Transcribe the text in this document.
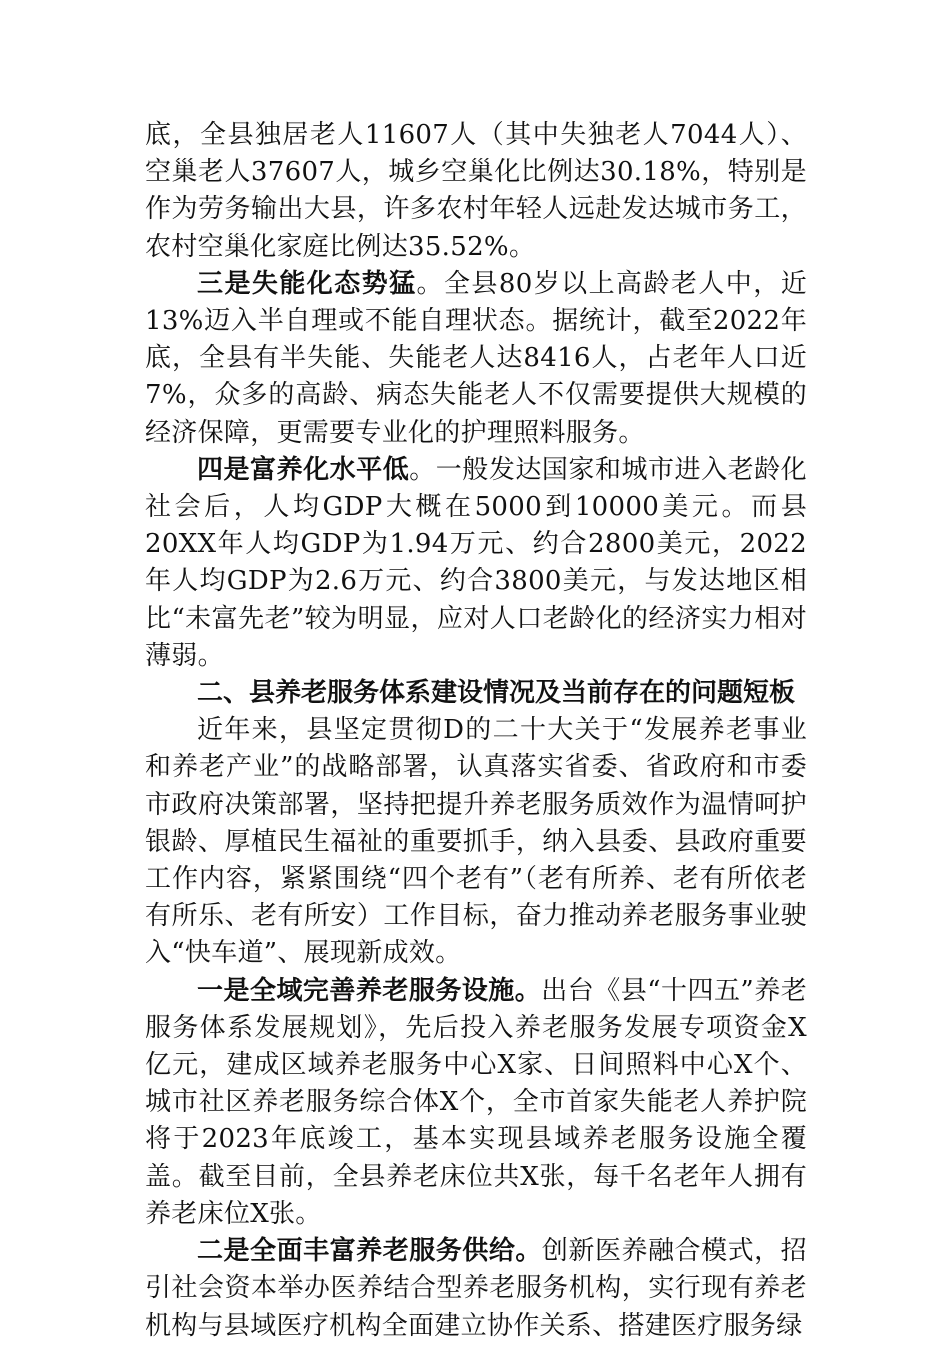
底，全县独居老人11607人（其中失独老人7044人）、空巢老人37607人，城乡空巢化比例达30.18%，特别是作为劳务输出大县，许多农村年轻人远赴发达城市务工，农村空巢化家庭比例达35.52%。

三是失能化态势猛。全县80岁以上高龄老人中，近13%迈入半自理或不能自理状态。据统计，截至2022年底，全县有半失能、失能老人达8416人，占老年人口近7%，众多的高龄、病态失能老人不仅需要提供大规模的经济保障，更需要专业化的护理照料服务。

四是富养化水平低。一般发达国家和城市进入老龄化社会后，人均GDP大概在5000到10000美元。而县20XX年人均GDP为1.94万元、约合2800美元，2022年人均GDP为2.6万元、约合3800美元，与发达地区相比“未富先老”较为明显，应对人口老龄化的经济实力相对薄弱。

二、县养老服务体系建设情况及当前存在的问题短板

近年来，县坚定贯彻D的二十大关于“发展养老事业和养老产业”的战略部署，认真落实省委、省政府和市委市政府决策部署，坚持把提升养老服务质效作为温情呵护银龄、厚植民生福祉的重要抓手，纳入县委、县政府重要工作内容，紧紧围绕“四个老有”（老有所养、老有所依老有所乐、老有所安）工作目标，奋力推动养老服务事业驶入“快车道”、展现新成效。

一是全域完善养老服务设施。出台《县“十四五”养老服务体系发展规划》，先后投入养老服务发展专项资金X亿元，建成区域养老服务中心X家、日间照料中心X个、城市社区养老服务综合体X个，全市首家失能老人养护院将于2023年底竣工，基本实现县域养老服务设施全覆盖。截至目前，全县养老床位共X张，每千名老年人拥有养老床位X张。

二是全面丰富养老服务供给。创新医养融合模式，招引社会资本举办医养结合型养老服务机构，实行现有养老机构与县域医疗机构全面建立协作关系、搭建医疗服务绿
